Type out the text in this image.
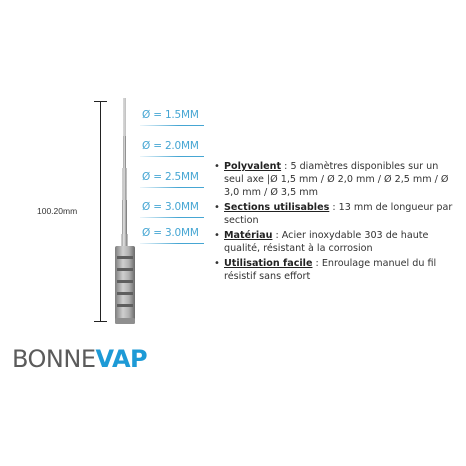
100.20mm
Ø = 1.5MM
Ø = 2.0MM
Ø = 2.5MM
Ø = 3.0MM
Ø = 3.0MM
• Polyvalent : 5 diamètres disponibles sur un seul axe |Ø 1,5 mm / Ø 2,0 mm / Ø 2,5 mm / Ø 3,0 mm / Ø 3,5 mm
• Sections utilisables : 13 mm de longueur par section
• Matériau : Acier inoxydable 303 de haute qualité, résistant à la corrosion
• Utilisation facile : Enroulage manuel du fil résistif sans effort
BONNEVAP
